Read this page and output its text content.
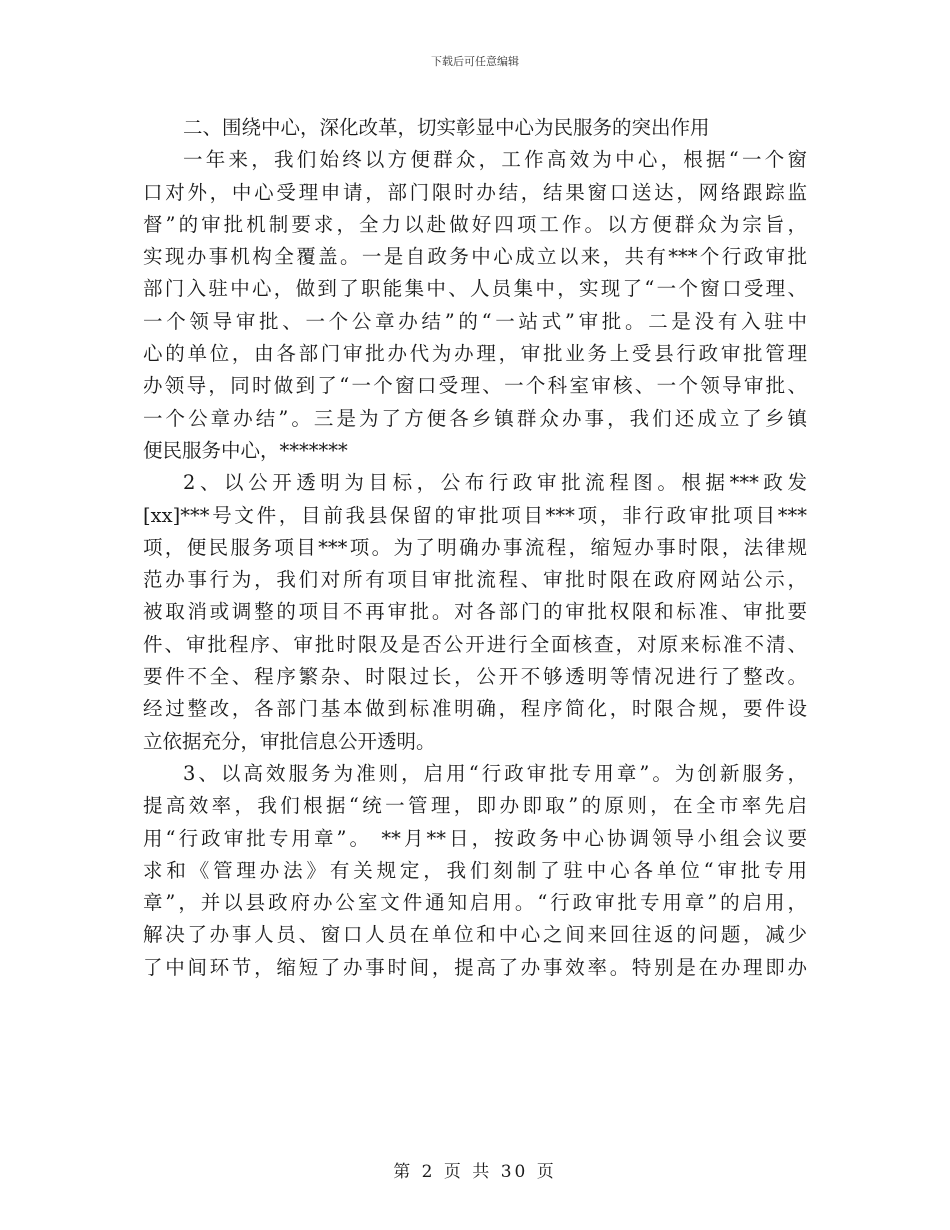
下载后可任意编辑
二、围绕中心，深化改革，切实彰显中心为民服务的突出作用
一年来，我们始终以方便群众，工作高效为中心，根据“一个窗
口对外，中心受理申请，部门限时办结，结果窗口送达，网络跟踪监
督”的审批机制要求，全力以赴做好四项工作。以方便群众为宗旨，
实现办事机构全覆盖。一是自政务中心成立以来，共有***个行政审批
部门入驻中心，做到了职能集中、人员集中，实现了“一个窗口受理、
一个领导审批、一个公章办结”的“一站式”审批。二是没有入驻中
心的单位，由各部门审批办代为办理，审批业务上受县行政审批管理
办领导，同时做到了“一个窗口受理、一个科室审核、一个领导审批、
一个公章办结”。三是为了方便各乡镇群众办事，我们还成立了乡镇
便民服务中心，*******
2、以公开透明为目标，公布行政审批流程图。根据***政发
[xx]***号文件，目前我县保留的审批项目***项，非行政审批项目***
项，便民服务项目***项。为了明确办事流程，缩短办事时限，法律规
范办事行为，我们对所有项目审批流程、审批时限在政府网站公示，
被取消或调整的项目不再审批。对各部门的审批权限和标准、审批要
件、审批程序、审批时限及是否公开进行全面核查，对原来标准不清、
要件不全、程序繁杂、时限过长，公开不够透明等情况进行了整改。
经过整改，各部门基本做到标准明确，程序简化，时限合规，要件设
立依据充分，审批信息公开透明。
3、以高效服务为准则，启用“行政审批专用章”。为创新服务，
提高效率，我们根据“统一管理，即办即取”的原则，在全市率先启
用“行政审批专用章”。 **月**日，按政务中心协调领导小组会议要
求和《管理办法》有关规定，我们刻制了驻中心各单位“审批专用
章”，并以县政府办公室文件通知启用。“行政审批专用章”的启用，
解决了办事人员、窗口人员在单位和中心之间来回往返的问题，减少
了中间环节，缩短了办事时间，提高了办事效率。特别是在办理即办
第 2 页 共 30 页
